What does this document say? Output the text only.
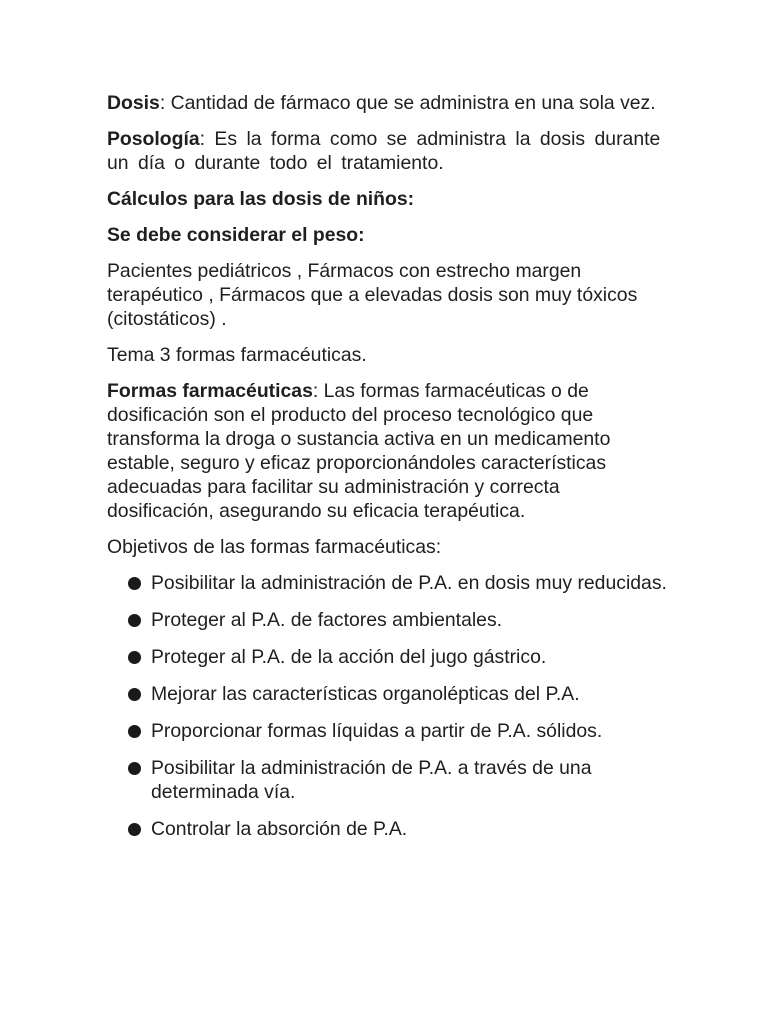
Dosis: Cantidad de fármaco que se administra en una sola vez.

Posología: Es la forma como se administra la dosis durante un día o durante todo el tratamiento.

Cálculos para las dosis de niños:

Se debe considerar el peso:

Pacientes pediátricos , Fármacos con estrecho margen terapéutico , Fármacos que a elevadas dosis son muy tóxicos (citostáticos) .

Tema 3 formas farmacéuticas.

Formas farmacéuticas: Las formas farmacéuticas o de dosificación son el producto del proceso tecnológico que transforma la droga o sustancia activa en un medicamento estable, seguro y eficaz proporcionándoles características adecuadas para facilitar su administración y correcta dosificación, asegurando su eficacia terapéutica.

Objetivos de las formas farmacéuticas:

Posibilitar la administración de P.A. en dosis muy reducidas.
Proteger al P.A. de factores ambientales.
Proteger al P.A. de la acción del jugo gástrico.
Mejorar las características organolépticas del P.A.
Proporcionar formas líquidas a partir de P.A. sólidos.
Posibilitar la administración de P.A. a través de una determinada vía.
Controlar la absorción de P.A.
